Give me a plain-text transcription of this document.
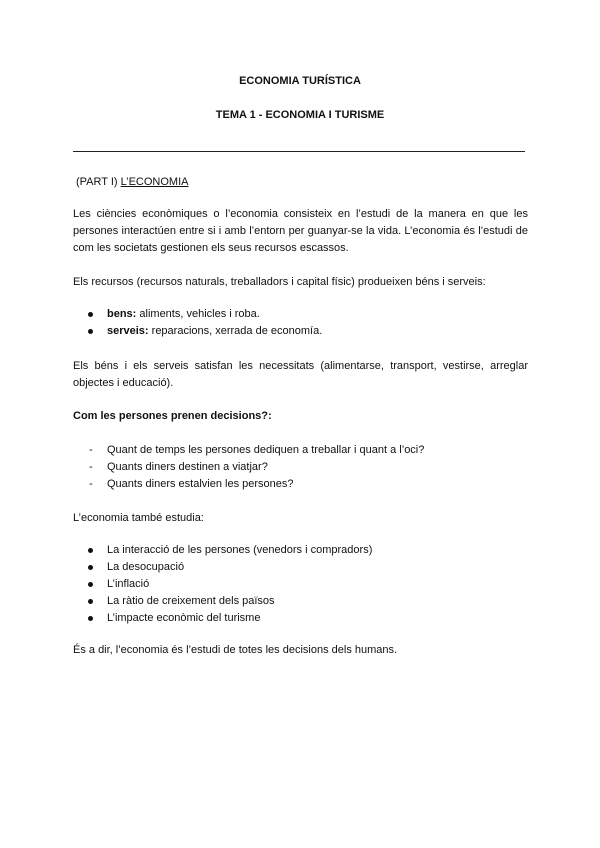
ECONOMIA TURÍSTICA

TEMA 1 - ECONOMIA I TURISME

(PART I) L’ECONOMIA

Les ciències econòmiques o l’economia consisteix en l’estudi de la manera en que les persones interactúen entre si i amb l’entorn per guanyar-se la vida. L’economia és l’estudi de com les societats gestionen els seus recursos escassos.

Els recursos (recursos naturals, treballadors i capital físic) produeixen béns i serveis:

bens: aliments, vehicles i roba.
serveis: reparacions, xerrada de economía.

Els béns i els serveis satisfan les necessitats (alimentarse, transport, vestirse, arreglar objectes i educació).

Com les persones prenen decisions?:

- Quant de temps les persones dediquen a treballar i quant a l’oci?
- Quants diners destinen a viatjar?
- Quants diners estalvien les persones?

L’economia també estudia:

La interacció de les persones (venedors i compradors)
La desocupació
L’inflació
La ràtio de creixement dels països
L’impacte econòmic del turisme

És a dir, l’economia és l’estudi de totes les decisions dels humans.
